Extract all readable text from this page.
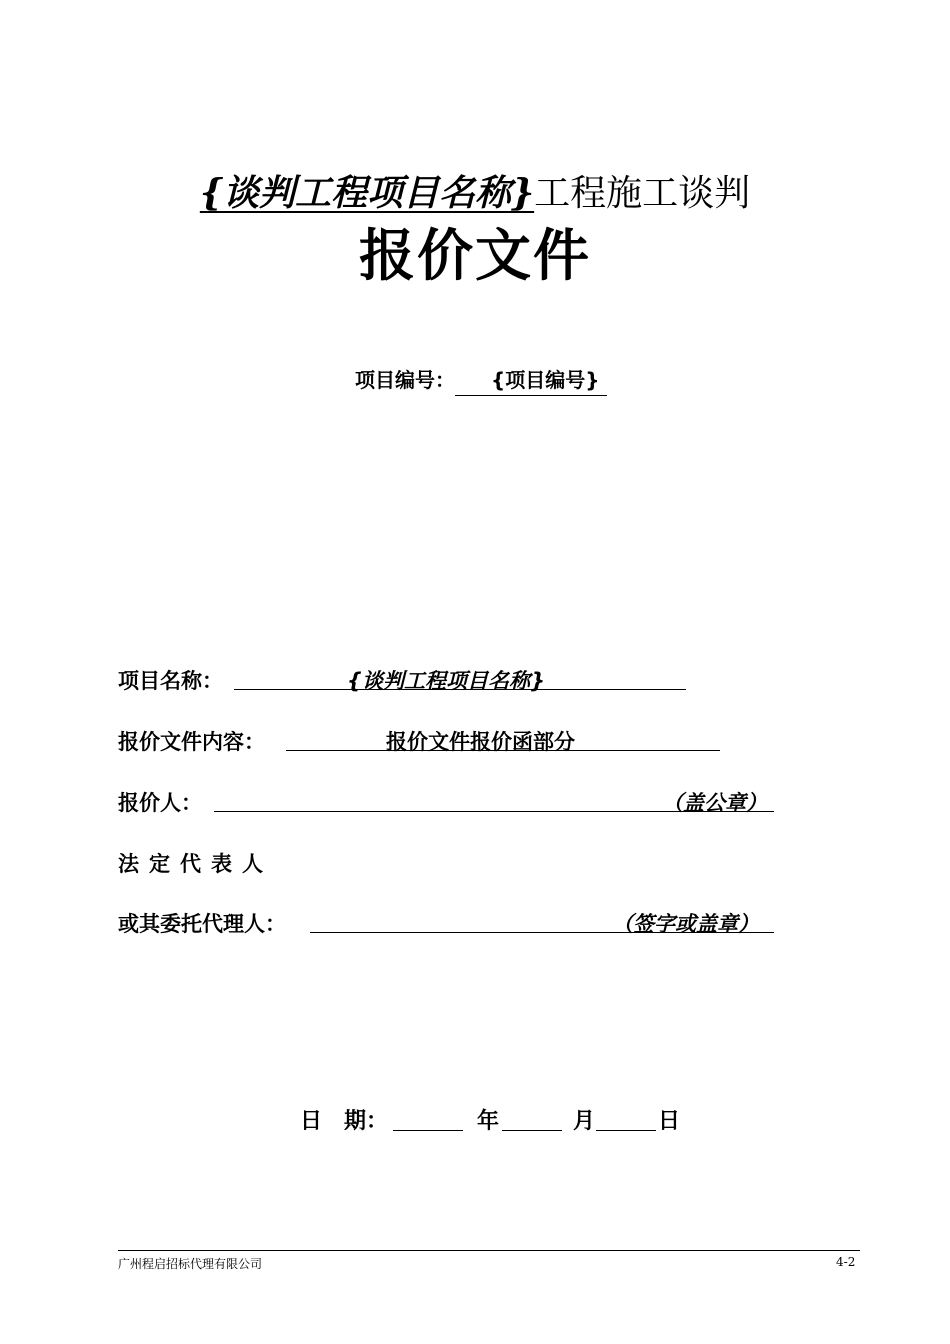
{谈判工程项目名称}工程施工谈判
报价文件
项目编号： {项目编号}
项目名称：	{谈判工程项目名称}
报价文件内容：	报价文件报价函部分
报价人：	（盖公章）
法定代表人
或其委托代理人：	（签字或盖章）
日　期：	年	月	日
广州程启招标代理有限公司	4-2
